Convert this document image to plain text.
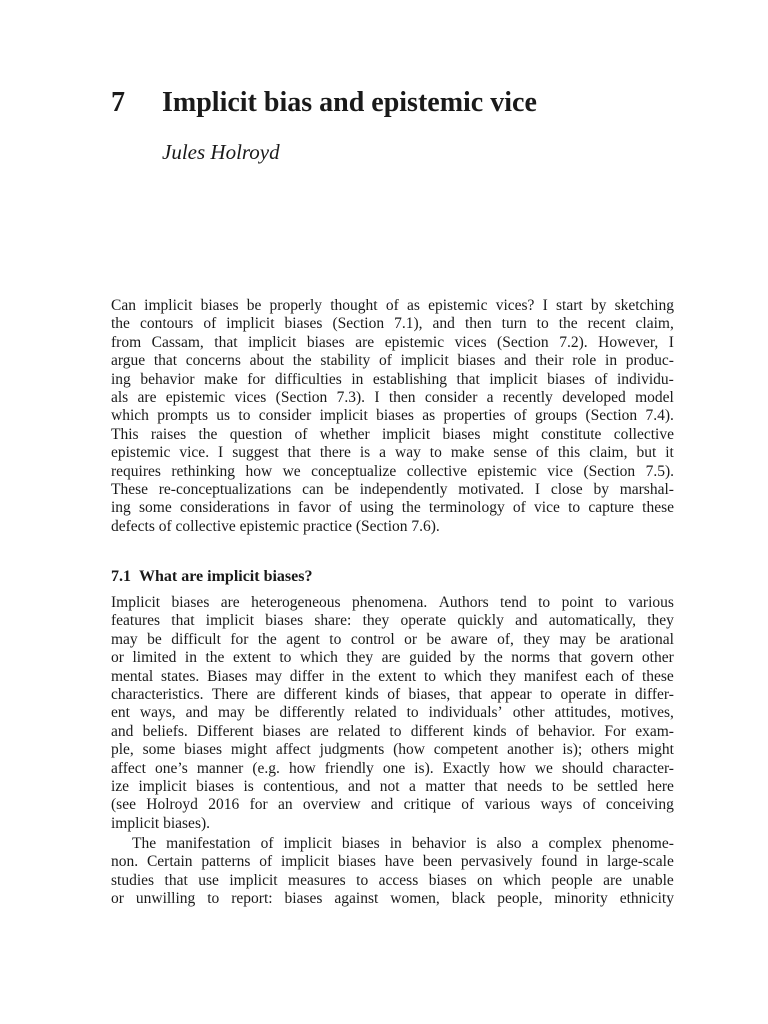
7 Implicit bias and epistemic vice

Jules Holroyd

Can implicit biases be properly thought of as epistemic vices? I start by sketching
the contours of implicit biases (Section 7.1), and then turn to the recent claim,
from Cassam, that implicit biases are epistemic vices (Section 7.2). However, I
argue that concerns about the stability of implicit biases and their role in produc-
ing behavior make for difficulties in establishing that implicit biases of individu-
als are epistemic vices (Section 7.3). I then consider a recently developed model
which prompts us to consider implicit biases as properties of groups (Section 7.4).
This raises the question of whether implicit biases might constitute collective
epistemic vice. I suggest that there is a way to make sense of this claim, but it
requires rethinking how we conceptualize collective epistemic vice (Section 7.5).
These re-conceptualizations can be independently motivated. I close by marshal-
ing some considerations in favor of using the terminology of vice to capture these
defects of collective epistemic practice (Section 7.6).
7.1 What are implicit biases?
Implicit biases are heterogeneous phenomena. Authors tend to point to various
features that implicit biases share: they operate quickly and automatically, they
may be difficult for the agent to control or be aware of, they may be arational
or limited in the extent to which they are guided by the norms that govern other
mental states. Biases may differ in the extent to which they manifest each of these
characteristics. There are different kinds of biases, that appear to operate in differ-
ent ways, and may be differently related to individuals’ other attitudes, motives,
and beliefs. Different biases are related to different kinds of behavior. For exam-
ple, some biases might affect judgments (how competent another is); others might
affect one’s manner (e.g. how friendly one is). Exactly how we should character-
ize implicit biases is contentious, and not a matter that needs to be settled here
(see Holroyd 2016 for an overview and critique of various ways of conceiving
implicit biases).
The manifestation of implicit biases in behavior is also a complex phenome-
non. Certain patterns of implicit biases have been pervasively found in large-scale
studies that use implicit measures to access biases on which people are unable
or unwilling to report: biases against women, black people, minority ethnicity
